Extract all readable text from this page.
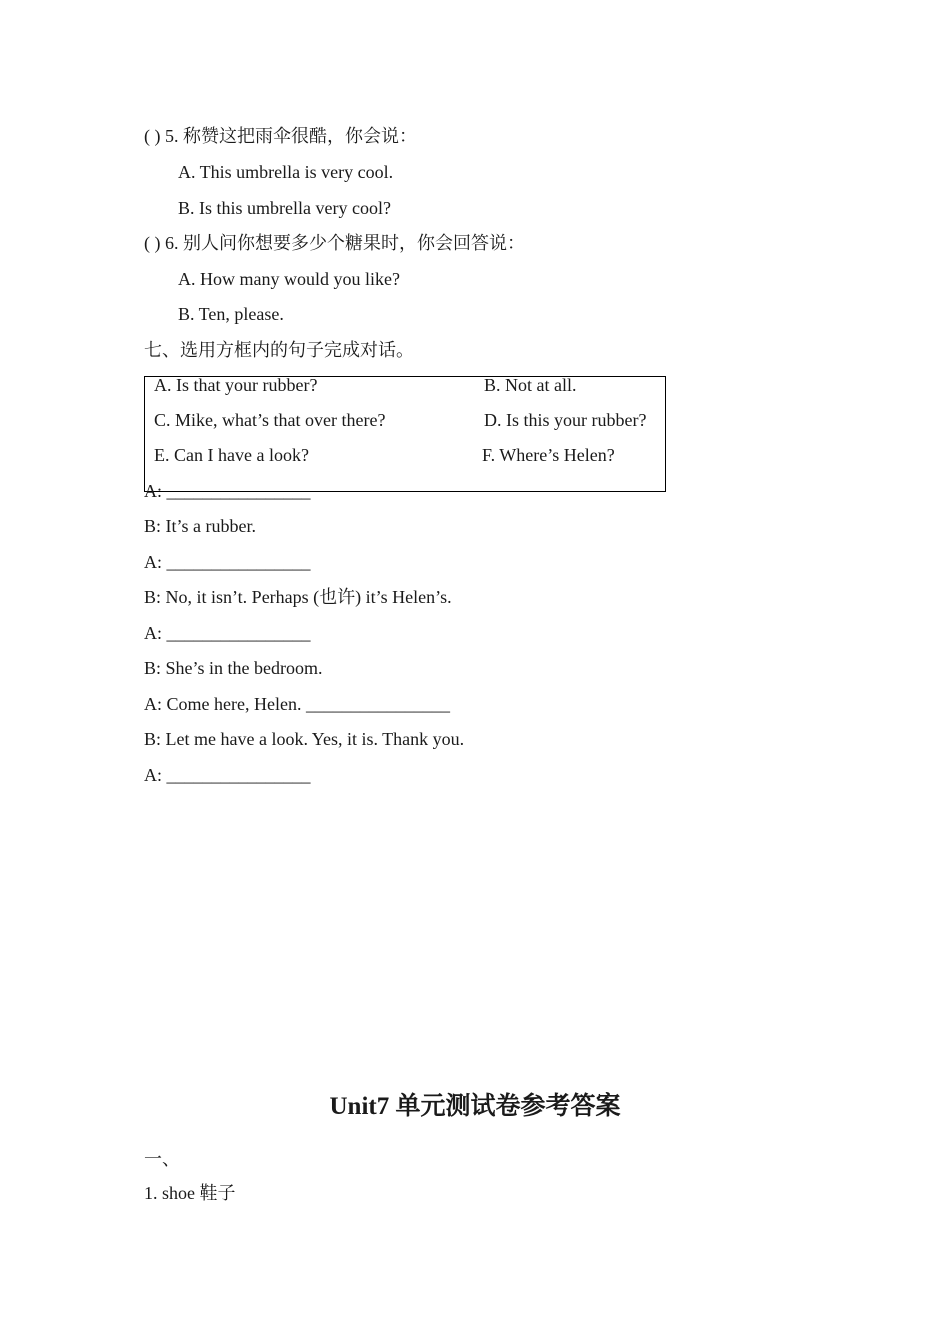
( ) 5. 称赞这把雨伞很酷，你会说：
A. This umbrella is very cool.
B. Is this umbrella very cool?
( ) 6. 别人问你想要多少个糖果时，你会回答说：
A. How many would you like?
B. Ten, please.
七、选用方框内的句子完成对话。
A. Is that your rubber?	B. Not at all.
C. Mike, what’s that over there?	D. Is this your rubber?
E. Can I have a look?	F. Where’s Helen?
A: ________________
B: It’s a rubber.
A: ________________
B: No, it isn’t. Perhaps (也许) it’s Helen’s.
A: ________________
B: She’s in the bedroom.
A: Come here, Helen. ________________
B: Let me have a look. Yes, it is. Thank you.
A: ________________
Unit7 单元测试卷参考答案
一、
1. shoe 鞋子
